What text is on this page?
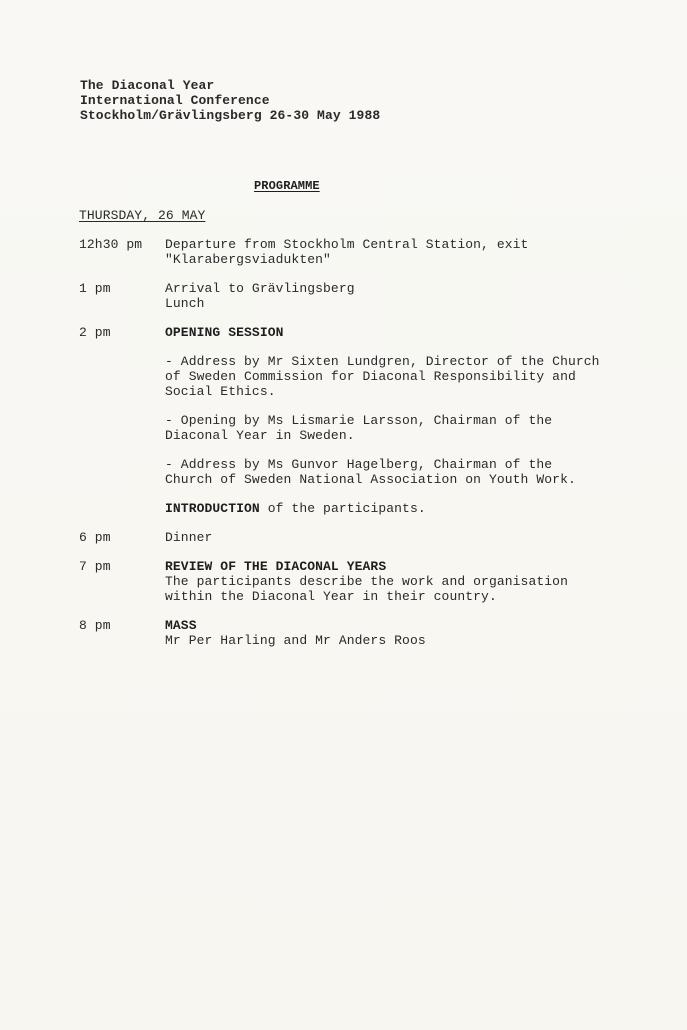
The Diaconal Year
International Conference
Stockholm/Grävlingsberg 26-30 May 1988
PROGRAMME
THURSDAY, 26 MAY
12h30 pm Departure from Stockholm Central Station, exit
"Klarabergsviadukten"
1 pm	Arrival to Grävlingsberg
Lunch
2 pm	OPENING SESSION
- Address by Mr Sixten Lundgren, Director of the Church
of Sweden Commission for Diaconal Responsibility and
Social Ethics.
- Opening by Ms Lismarie Larsson, Chairman of the
Diaconal Year in Sweden.
- Address by Ms Gunvor Hagelberg, Chairman of the
Church of Sweden National Association on Youth Work.
INTRODUCTION of the participants.
6 pm	Dinner
7 pm	REVIEW OF THE DIACONAL YEARS
The participants describe the work and organisation
within the Diaconal Year in their country.
8 pm	MASS
Mr Per Harling and Mr Anders Roos
